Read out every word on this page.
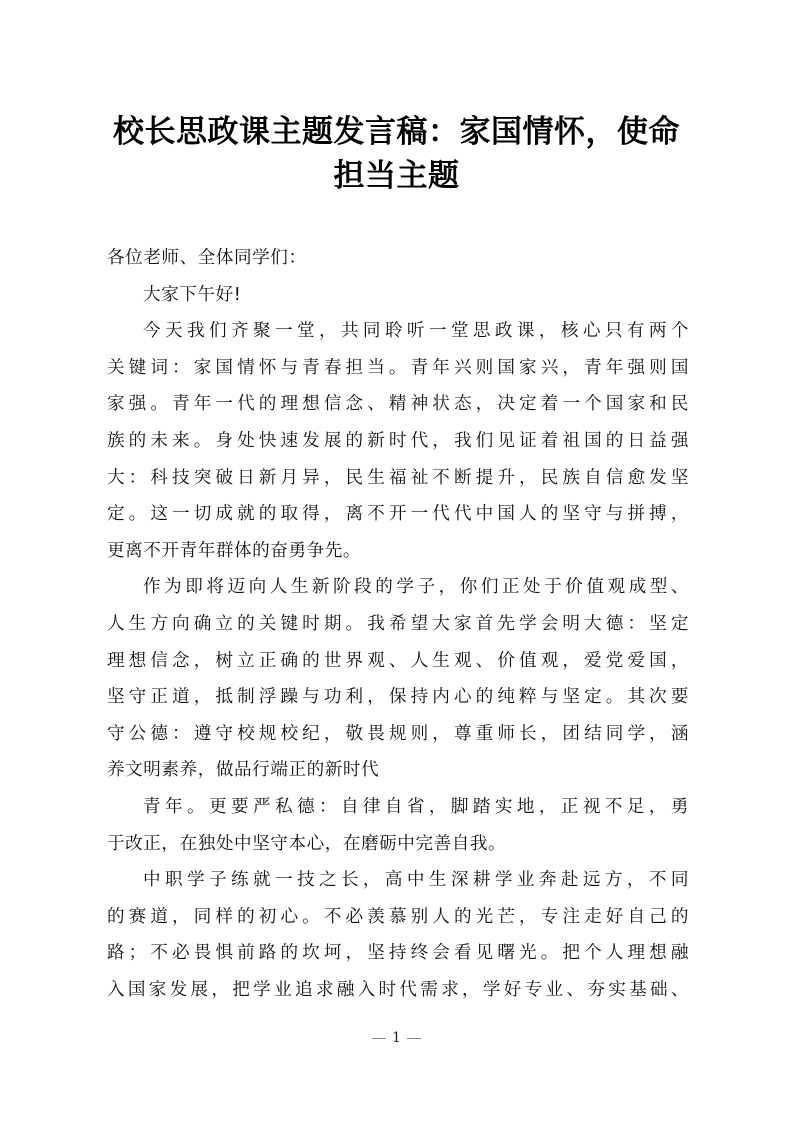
校长思政课主题发言稿：家国情怀，使命
担当主题
各位老师、全体同学们：
大家下午好!
今天我们齐聚一堂，共同聆听一堂思政课，核心只有两个
关键词：家国情怀与青春担当。青年兴则国家兴，青年强则国
家强。青年一代的理想信念、精神状态，决定着一个国家和民
族的未来。身处快速发展的新时代，我们见证着祖国的日益强
大：科技突破日新月异，民生福祉不断提升，民族自信愈发坚
定。这一切成就的取得，离不开一代代中国人的坚守与拼搏，
更离不开青年群体的奋勇争先。
作为即将迈向人生新阶段的学子，你们正处于价值观成型、
人生方向确立的关键时期。我希望大家首先学会明大德：坚定
理想信念，树立正确的世界观、人生观、价值观，爱党爱国，
坚守正道，抵制浮躁与功利，保持内心的纯粹与坚定。其次要
守公德：遵守校规校纪，敬畏规则，尊重师长，团结同学，涵
养文明素养，做品行端正的新时代
青年。更要严私德：自律自省，脚踏实地，正视不足，勇
于改正，在独处中坚守本心，在磨砺中完善自我。
中职学子练就一技之长，高中生深耕学业奔赴远方，不同
的赛道，同样的初心。不必羡慕别人的光芒，专注走好自己的
路；不必畏惧前路的坎坷，坚持终会看见曙光。把个人理想融
入国家发展，把学业追求融入时代需求，学好专业、夯实基础、
1
